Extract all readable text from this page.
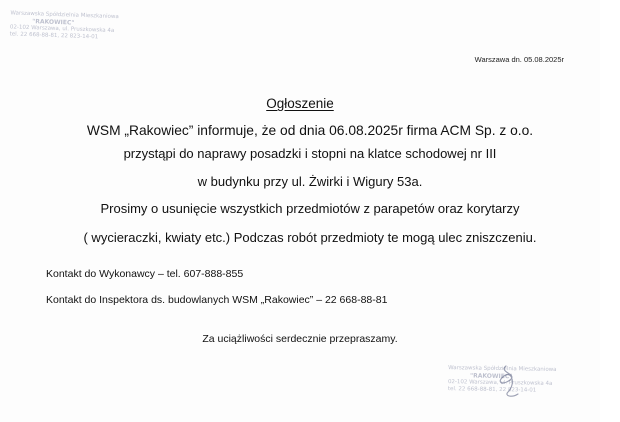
Warszawska Spółdzielnia Mieszkaniowa
"RAKOWIEC"
02-102 Warszawa, ul. Pruszkowska 4a
tel. 22 668-88-81, 22 823-14-01
Warszawa dn. 05.08.2025r
Ogłoszenie
WSM „Rakowiec” informuje, że od dnia 06.08.2025r firma ACM Sp. z o.o.
przystąpi do naprawy posadzki i stopni na klatce schodowej nr III
w budynku przy ul. Żwirki i Wigury 53a.
Prosimy o usunięcie wszystkich przedmiotów z parapetów oraz korytarzy
( wycieraczki, kwiaty etc.) Podczas robót przedmioty te mogą ulec zniszczeniu.
Kontakt do Wykonawcy – tel. 607-888-855
Kontakt do Inspektora ds. budowlanych WSM „Rakowiec” – 22 668-88-81
Za uciążliwości serdecznie przepraszamy.
Warszawska Spółdzielnia Mieszkaniowa
"RAKOWIEC"
02-102 Warszawa, ul. Pruszkowska 4a
tel. 22 668-88-81, 22 823-14-01
